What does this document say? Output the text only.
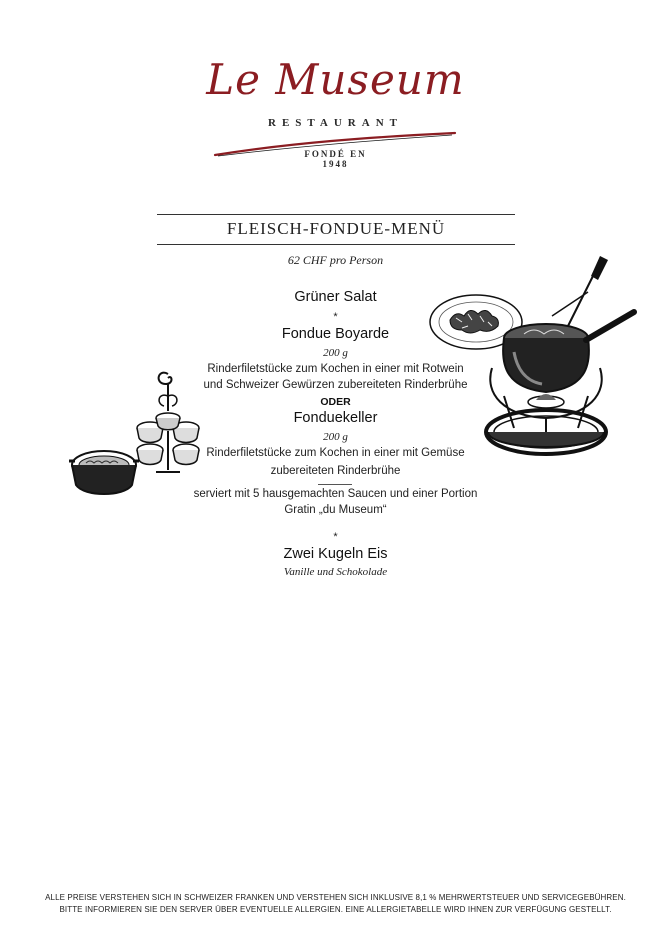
Le Museum
RESTAURANT
FONDÉ EN
1948
FLEISCH-FONDUE-MENÜ
62 CHF pro Person
Grüner Salat
*
Fondue Boyarde
200 g
Rinderfiletstücke zum Kochen in einer mit Rotwein
und Schweizer Gewürzen zubereiteten Rinderbrühe
ODER
Fonduekeller
200 g
Rinderfiletstücke zum Kochen in einer mit Gemüse
zubereiteten Rinderbrühe
serviert mit 5 hausgemachten Saucen und einer Portion
Gratin „du Museum“
*
Zwei Kugeln Eis
Vanille und Schokolade
ALLE PREISE VERSTEHEN SICH IN SCHWEIZER FRANKEN UND VERSTEHEN SICH INKLUSIVE 8,1 % MEHRWERTSTEUER UND SERVICEGEBÜHREN.
BITTE INFORMIEREN SIE DEN SERVER ÜBER EVENTUELLE ALLERGIEN. EINE ALLERGIETABELLE WIRD IHNEN ZUR VERFÜGUNG GESTELLT.
